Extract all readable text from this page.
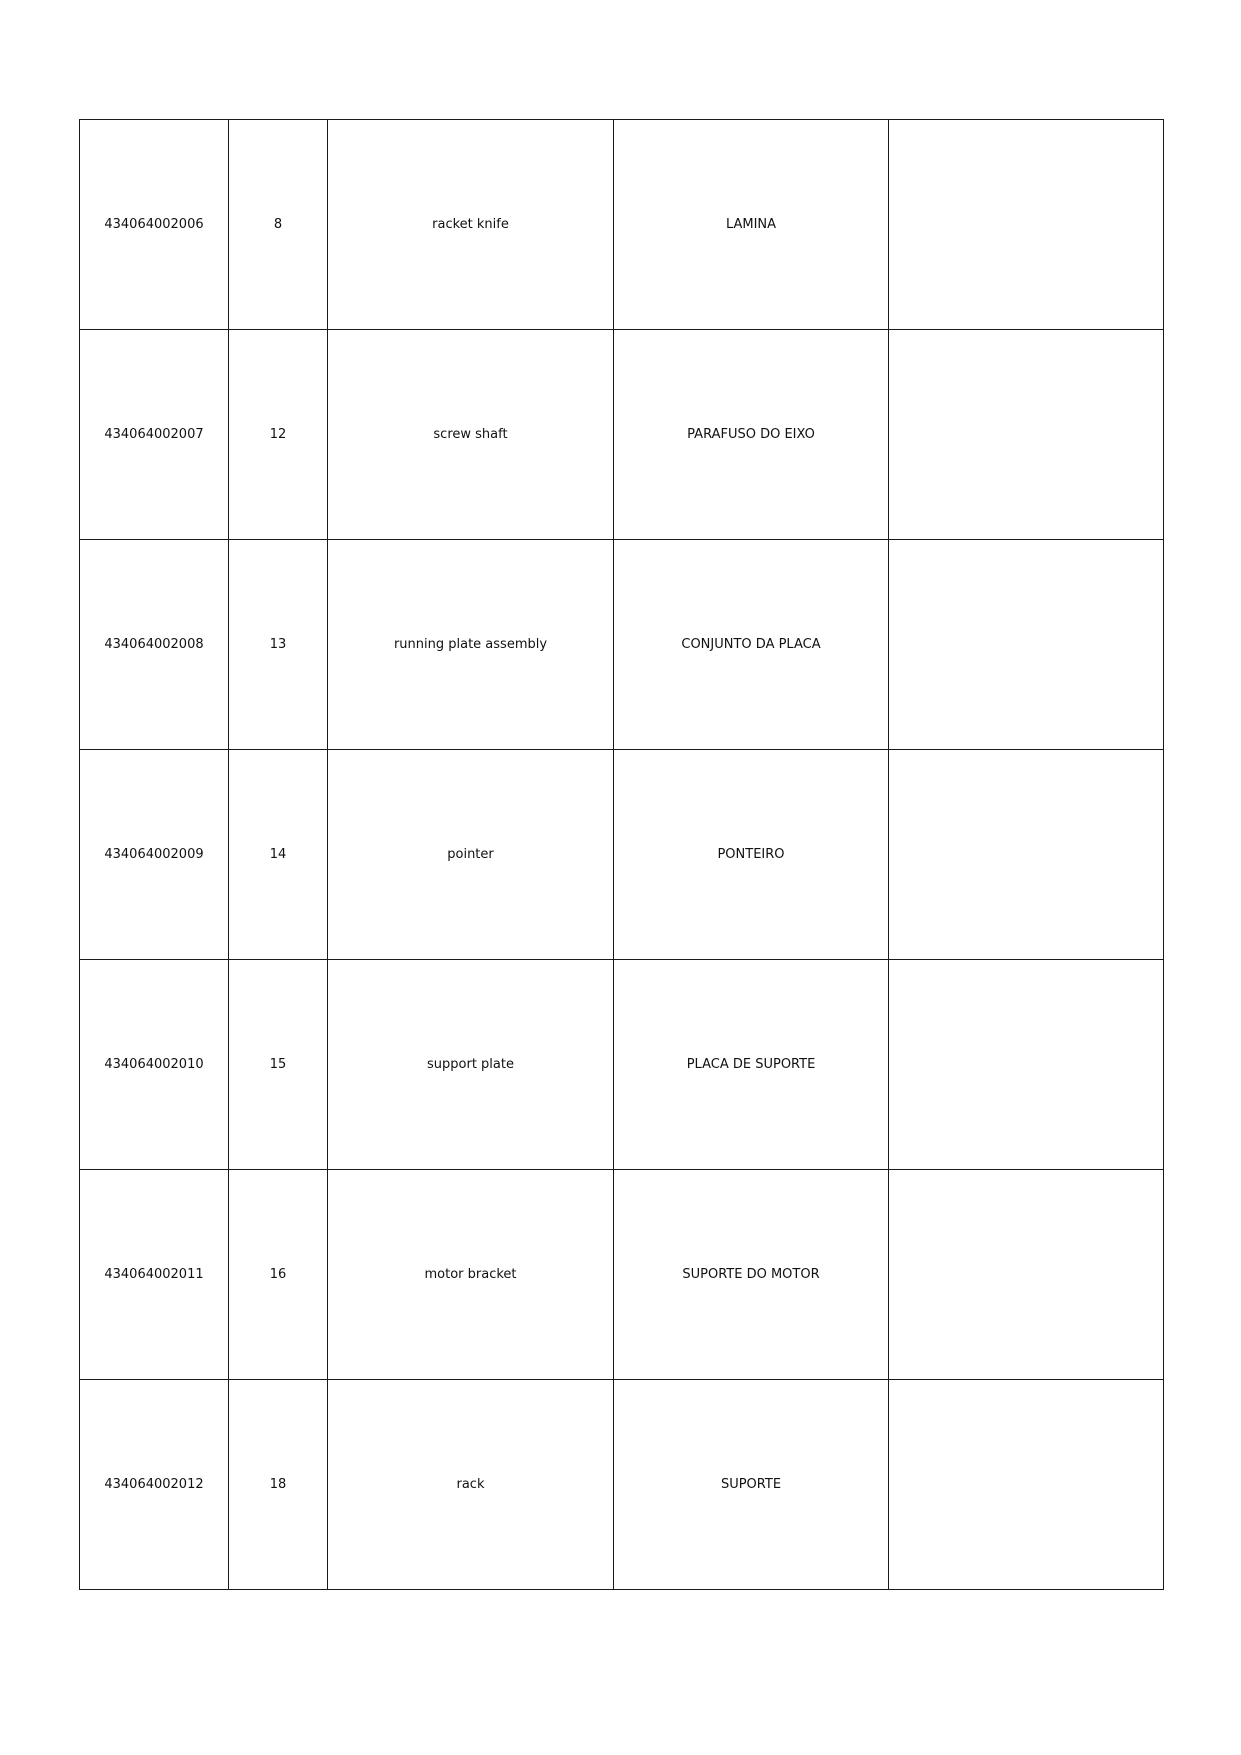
434064002006	8	racket knife	LAMINA	
434064002007	12	screw shaft	PARAFUSO DO EIXO	
434064002008	13	running plate assembly	CONJUNTO DA PLACA	
434064002009	14	pointer	PONTEIRO	
434064002010	15	support plate	PLACA DE SUPORTE	
434064002011	16	motor bracket	SUPORTE DO MOTOR	
434064002012	18	rack	SUPORTE	
